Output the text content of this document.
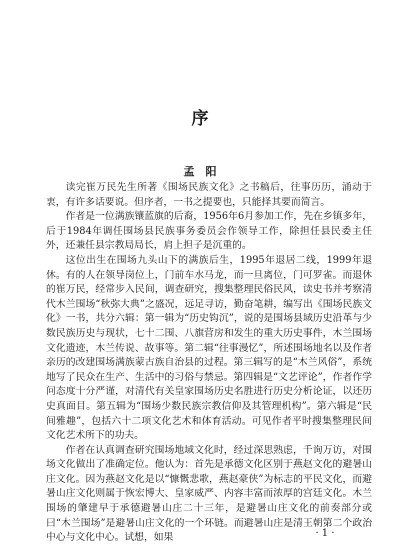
序
孟阳

读完崔万民先生所著《围场民族文化》之书稿后，往事历历，涌动于衷，有许多话要说。但序者，一书之提要也，只能择其要而简言。

作者是一位满族镶蓝旗的后裔，1956年6月参加工作，先在乡镇多年，后于1984年调任围场县民族事务委员会作领导工作，除担任县民委主任外，还兼任县宗教局局长，肩上担子是沉重的。

这位出生在围场九头山下的满族后生，1995年退居二线，1999年退休。有的人在领导岗位上，门前车水马龙，而一旦离位，门可罗雀。而退休的崔万民，经常步入民间，调查研究，搜集整理民俗民风，读史书并考察清代木兰围场“秋弥大典”之盛况，远足寻访，勤奋笔耕，编写出《围场民族文化》一书，共分六辑：第一辑为“历史钩沉”，说的是围场县域历史沿革与少数民族历史与现状，七十二围、八旗营房和发生的重大历史事件，木兰围场文化遗迹，木兰传说、故事等。第二辑“往事漫忆”，所述围场地名以及作者亲历的改建围场满族蒙古族自治县的过程。第三辑写的是“木兰风俗”，系统地写了民众在生产、生活中的习俗与禁忌。第四辑是“文艺评论”，作者作学问态度十分严谨，对清代有关皇家围场历史名胜进行历史分析论证，以还历史真面目。第五辑为“围场少数民族宗教信仰及其管理机构”。第六辑是“民间雅趣”，包括六十二项文化艺术和体育活动。可见作者平时搜集整理民间文化艺术所下的功夫。

作者在认真调查研究围场地域文化时，经过深思熟虑，千询万访，对围场文化做出了准确定位。他认为：首先是承德文化区别于燕赵文化的避暑山庄文化。因为燕赵文化是以“慷慨悲歌，燕赵豪侠”为标志的平民文化，而避暑山庄文化则属于恢宏博大、皇家威严、内容丰富而浓厚的宫廷文化。木兰围场的肇建早于承德避暑山庄二十三年，是避暑山庄文化的前奏部分或曰“木兰围场”是避暑山庄文化的一个环链。而避暑山庄是清王朝第二个政治中心与文化中心。试想，如果	· 1 ·
